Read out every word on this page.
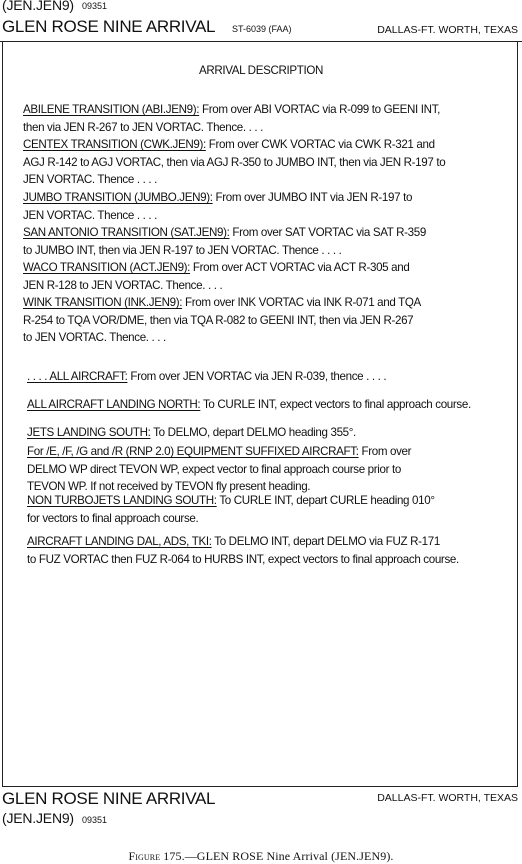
(JEN.JEN9) 09351
GLEN ROSE NINE ARRIVAL ST-6039 (FAA)	DALLAS-FT. WORTH, TEXAS
ARRIVAL DESCRIPTION
ABILENE TRANSITION (ABI.JEN9): From over ABI VORTAC via R-099 to GEENI INT,
then via JEN R-267 to JEN VORTAC. Thence. . . .
CENTEX TRANSITION (CWK.JEN9): From over CWK VORTAC via CWK R-321 and
AGJ R-142 to AGJ VORTAC, then via AGJ R-350 to JUMBO INT, then via JEN R-197 to
JEN VORTAC. Thence . . . .
JUMBO TRANSITION (JUMBO.JEN9): From over JUMBO INT via JEN R-197 to
JEN VORTAC. Thence . . . .
SAN ANTONIO TRANSITION (SAT.JEN9): From over SAT VORTAC via SAT R-359
to JUMBO INT, then via JEN R-197 to JEN VORTAC. Thence . . . .
WACO TRANSITION (ACT.JEN9): From over ACT VORTAC via ACT R-305 and
JEN R-128 to JEN VORTAC. Thence. . . .
WINK TRANSITION (INK.JEN9): From over INK VORTAC via INK R-071 and TQA
R-254 to TQA VOR/DME, then via TQA R-082 to GEENI INT, then via JEN R-267
to JEN VORTAC. Thence. . . .
. . . . ALL AIRCRAFT: From over JEN VORTAC via JEN R-039, thence . . . .
ALL AIRCRAFT LANDING NORTH: To CURLE INT, expect vectors to final approach course.
JETS LANDING SOUTH: To DELMO, depart DELMO heading 355°.
For /E, /F, /G and /R (RNP 2.0) EQUIPMENT SUFFIXED AIRCRAFT: From over
DELMO WP direct TEVON WP, expect vector to final approach course prior to
TEVON WP. If not received by TEVON fly present heading.
NON TURBOJETS LANDING SOUTH: To CURLE INT, depart CURLE heading 010°
for vectors to final approach course.
AIRCRAFT LANDING DAL, ADS, TKI: To DELMO INT, depart DELMO via FUZ R-171
to FUZ VORTAC then FUZ R-064 to HURBS INT, expect vectors to final approach course.
GLEN ROSE NINE ARRIVAL	DALLAS-FT. WORTH, TEXAS
(JEN.JEN9) 09351
Figure 175.—GLEN ROSE Nine Arrival (JEN.JEN9).
